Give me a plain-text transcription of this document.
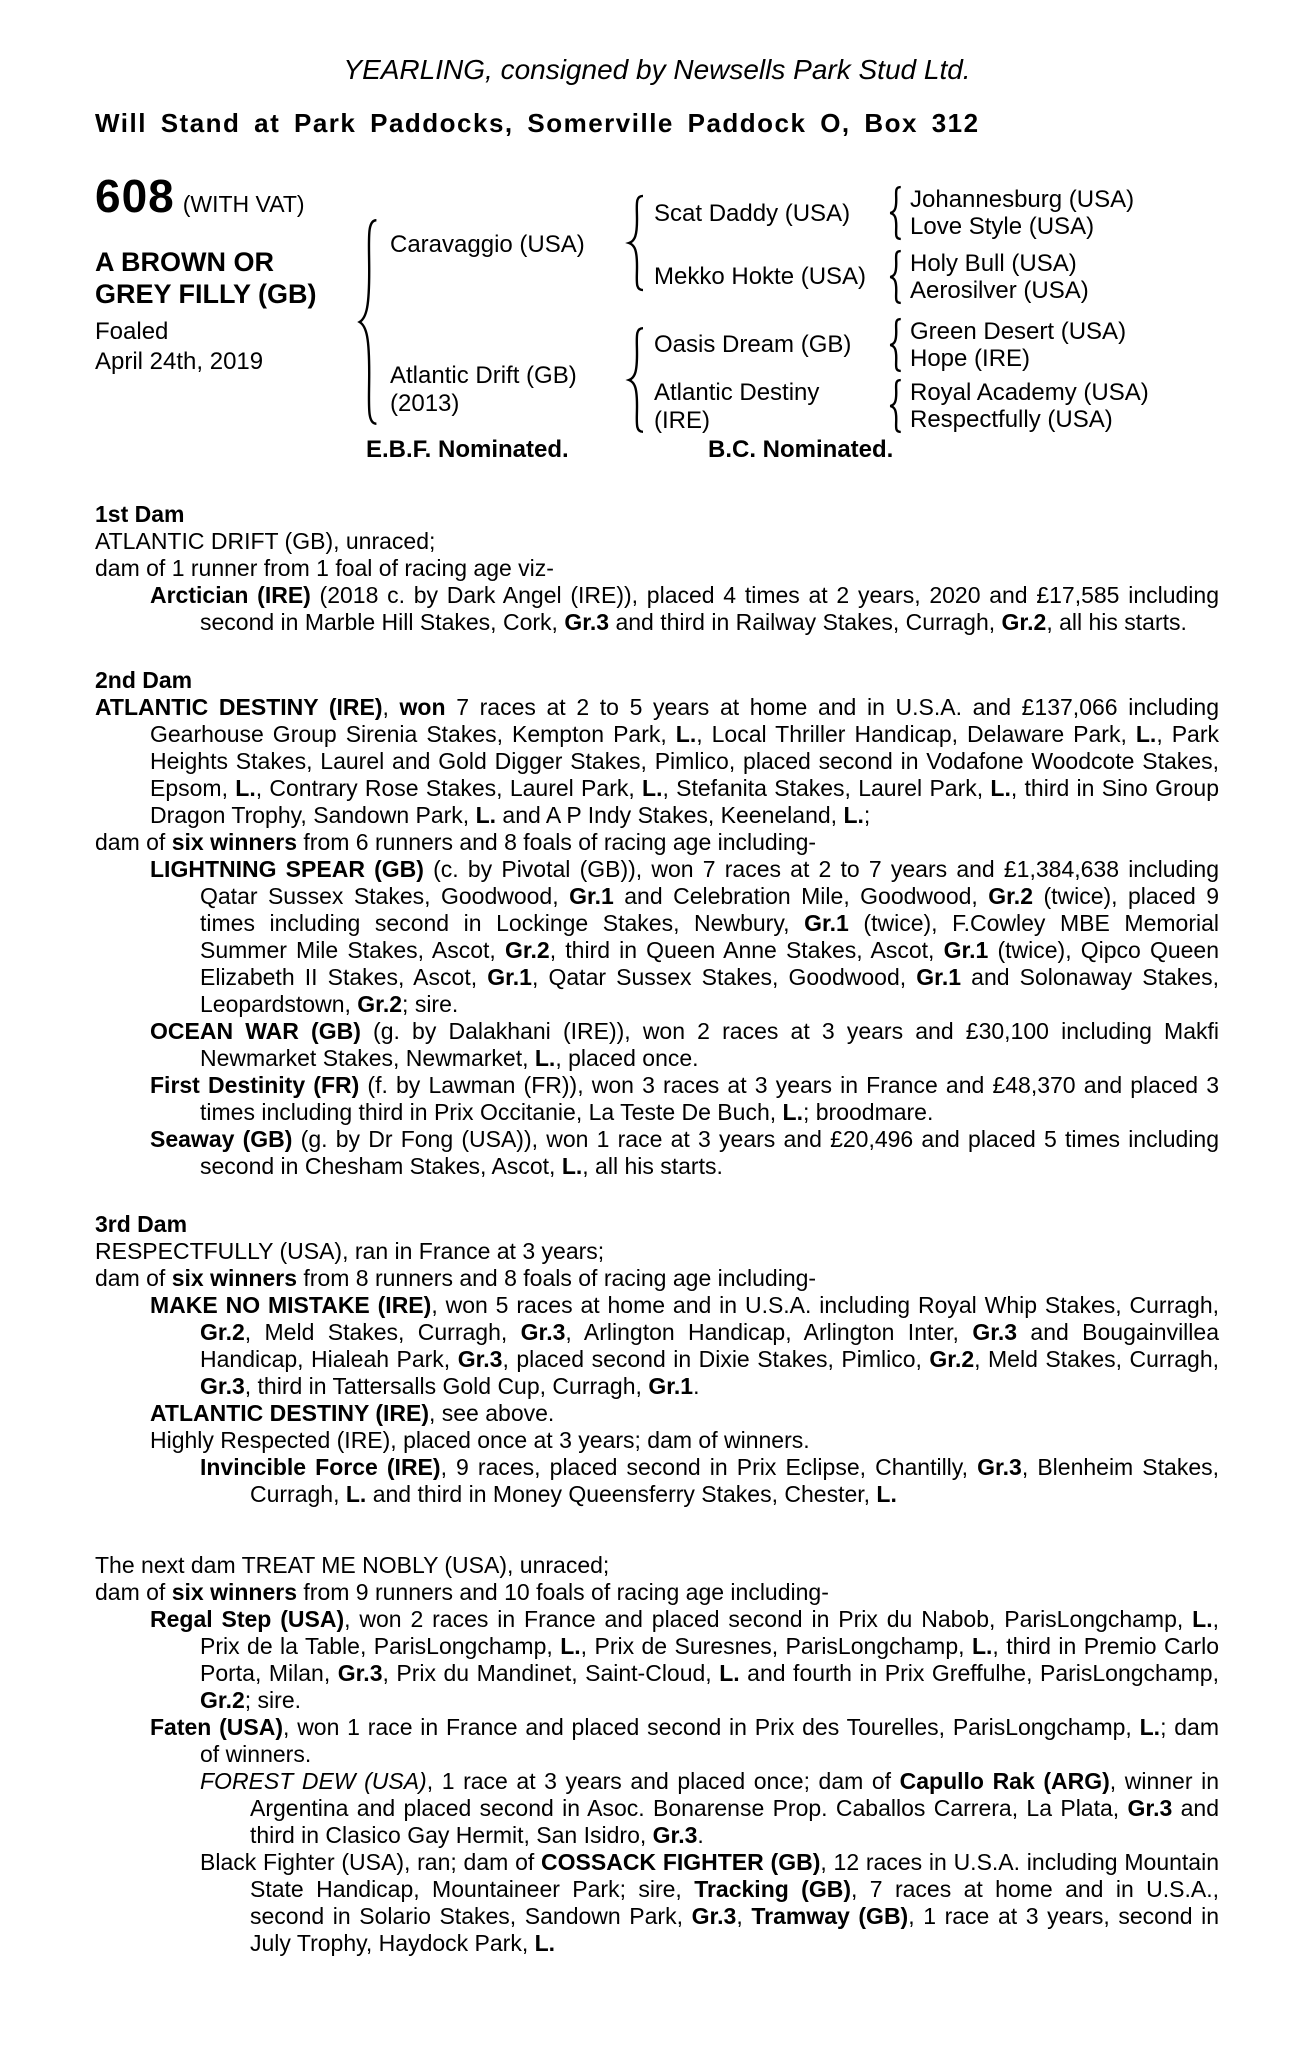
YEARLING, consigned by Newsells Park Stud Ltd.
Will Stand at Park Paddocks, Somerville Paddock O, Box 312
608 (WITH VAT)
A BROWN OR
GREY FILLY (GB)
Foaled
April 24th, 2019
Caravaggio (USA)
Atlantic Drift (GB)
(2013)
Scat Daddy (USA)
Mekko Hokte (USA)
Oasis Dream (GB)
Atlantic Destiny
(IRE)
Johannesburg (USA)
Love Style (USA)
Holy Bull (USA)
Aerosilver (USA)
Green Desert (USA)
Hope (IRE)
Royal Academy (USA)
Respectfully (USA)
E.B.F. Nominated.	B.C. Nominated.
1st Dam

ATLANTIC DRIFT (GB), unraced;

dam of 1 runner from 1 foal of racing age viz-

Arctician (IRE) (2018 c. by Dark Angel (IRE)), placed 4 times at 2 years, 2020 and £17,585 including second in Marble Hill Stakes, Cork, Gr.3 and third in Railway Stakes, Curragh, Gr.2, all his starts.

2nd Dam

ATLANTIC DESTINY (IRE), won 7 races at 2 to 5 years at home and in U.S.A. and £137,066 including Gearhouse Group Sirenia Stakes, Kempton Park, L., Local Thriller Handicap, Delaware Park, L., Park Heights Stakes, Laurel and Gold Digger Stakes, Pimlico, placed second in Vodafone Woodcote Stakes, Epsom, L., Contrary Rose Stakes, Laurel Park, L., Stefanita Stakes, Laurel Park, L., third in Sino Group Dragon Trophy, Sandown Park, L. and A P Indy Stakes, Keeneland, L.;

dam of six winners from 6 runners and 8 foals of racing age including-

LIGHTNING SPEAR (GB) (c. by Pivotal (GB)), won 7 races at 2 to 7 years and £1,384,638 including Qatar Sussex Stakes, Goodwood, Gr.1 and Celebration Mile, Goodwood, Gr.2 (twice), placed 9 times including second in Lockinge Stakes, Newbury, Gr.1 (twice), F.Cowley MBE Memorial Summer Mile Stakes, Ascot, Gr.2, third in Queen Anne Stakes, Ascot, Gr.1 (twice), Qipco Queen Elizabeth II Stakes, Ascot, Gr.1, Qatar Sussex Stakes, Goodwood, Gr.1 and Solonaway Stakes, Leopardstown, Gr.2; sire.

OCEAN WAR (GB) (g. by Dalakhani (IRE)), won 2 races at 3 years and £30,100 including Makfi Newmarket Stakes, Newmarket, L., placed once.

First Destinity (FR) (f. by Lawman (FR)), won 3 races at 3 years in France and £48,370 and placed 3 times including third in Prix Occitanie, La Teste De Buch, L.; broodmare.

Seaway (GB) (g. by Dr Fong (USA)), won 1 race at 3 years and £20,496 and placed 5 times including second in Chesham Stakes, Ascot, L., all his starts.

3rd Dam

RESPECTFULLY (USA), ran in France at 3 years;

dam of six winners from 8 runners and 8 foals of racing age including-

MAKE NO MISTAKE (IRE), won 5 races at home and in U.S.A. including Royal Whip Stakes, Curragh, Gr.2, Meld Stakes, Curragh, Gr.3, Arlington Handicap, Arlington Inter, Gr.3 and Bougainvillea Handicap, Hialeah Park, Gr.3, placed second in Dixie Stakes, Pimlico, Gr.2, Meld Stakes, Curragh, Gr.3, third in Tattersalls Gold Cup, Curragh, Gr.1.

ATLANTIC DESTINY (IRE), see above.

Highly Respected (IRE), placed once at 3 years; dam of winners.

Invincible Force (IRE), 9 races, placed second in Prix Eclipse, Chantilly, Gr.3, Blenheim Stakes, Curragh, L. and third in Money Queensferry Stakes, Chester, L.

The next dam TREAT ME NOBLY (USA), unraced;

dam of six winners from 9 runners and 10 foals of racing age including-

Regal Step (USA), won 2 races in France and placed second in Prix du Nabob, ParisLongchamp, L., Prix de la Table, ParisLongchamp, L., Prix de Suresnes, ParisLongchamp, L., third in Premio Carlo Porta, Milan, Gr.3, Prix du Mandinet, Saint-Cloud, L. and fourth in Prix Greffulhe, ParisLongchamp, Gr.2; sire.

Faten (USA), won 1 race in France and placed second in Prix des Tourelles, ParisLongchamp, L.; dam of winners.

FOREST DEW (USA), 1 race at 3 years and placed once; dam of Capullo Rak (ARG), winner in Argentina and placed second in Asoc. Bonarense Prop. Caballos Carrera, La Plata, Gr.3 and third in Clasico Gay Hermit, San Isidro, Gr.3.

Black Fighter (USA), ran; dam of COSSACK FIGHTER (GB), 12 races in U.S.A. including Mountain State Handicap, Mountaineer Park; sire, Tracking (GB), 7 races at home and in U.S.A., second in Solario Stakes, Sandown Park, Gr.3, Tramway (GB), 1 race at 3 years, second in July Trophy, Haydock Park, L.
